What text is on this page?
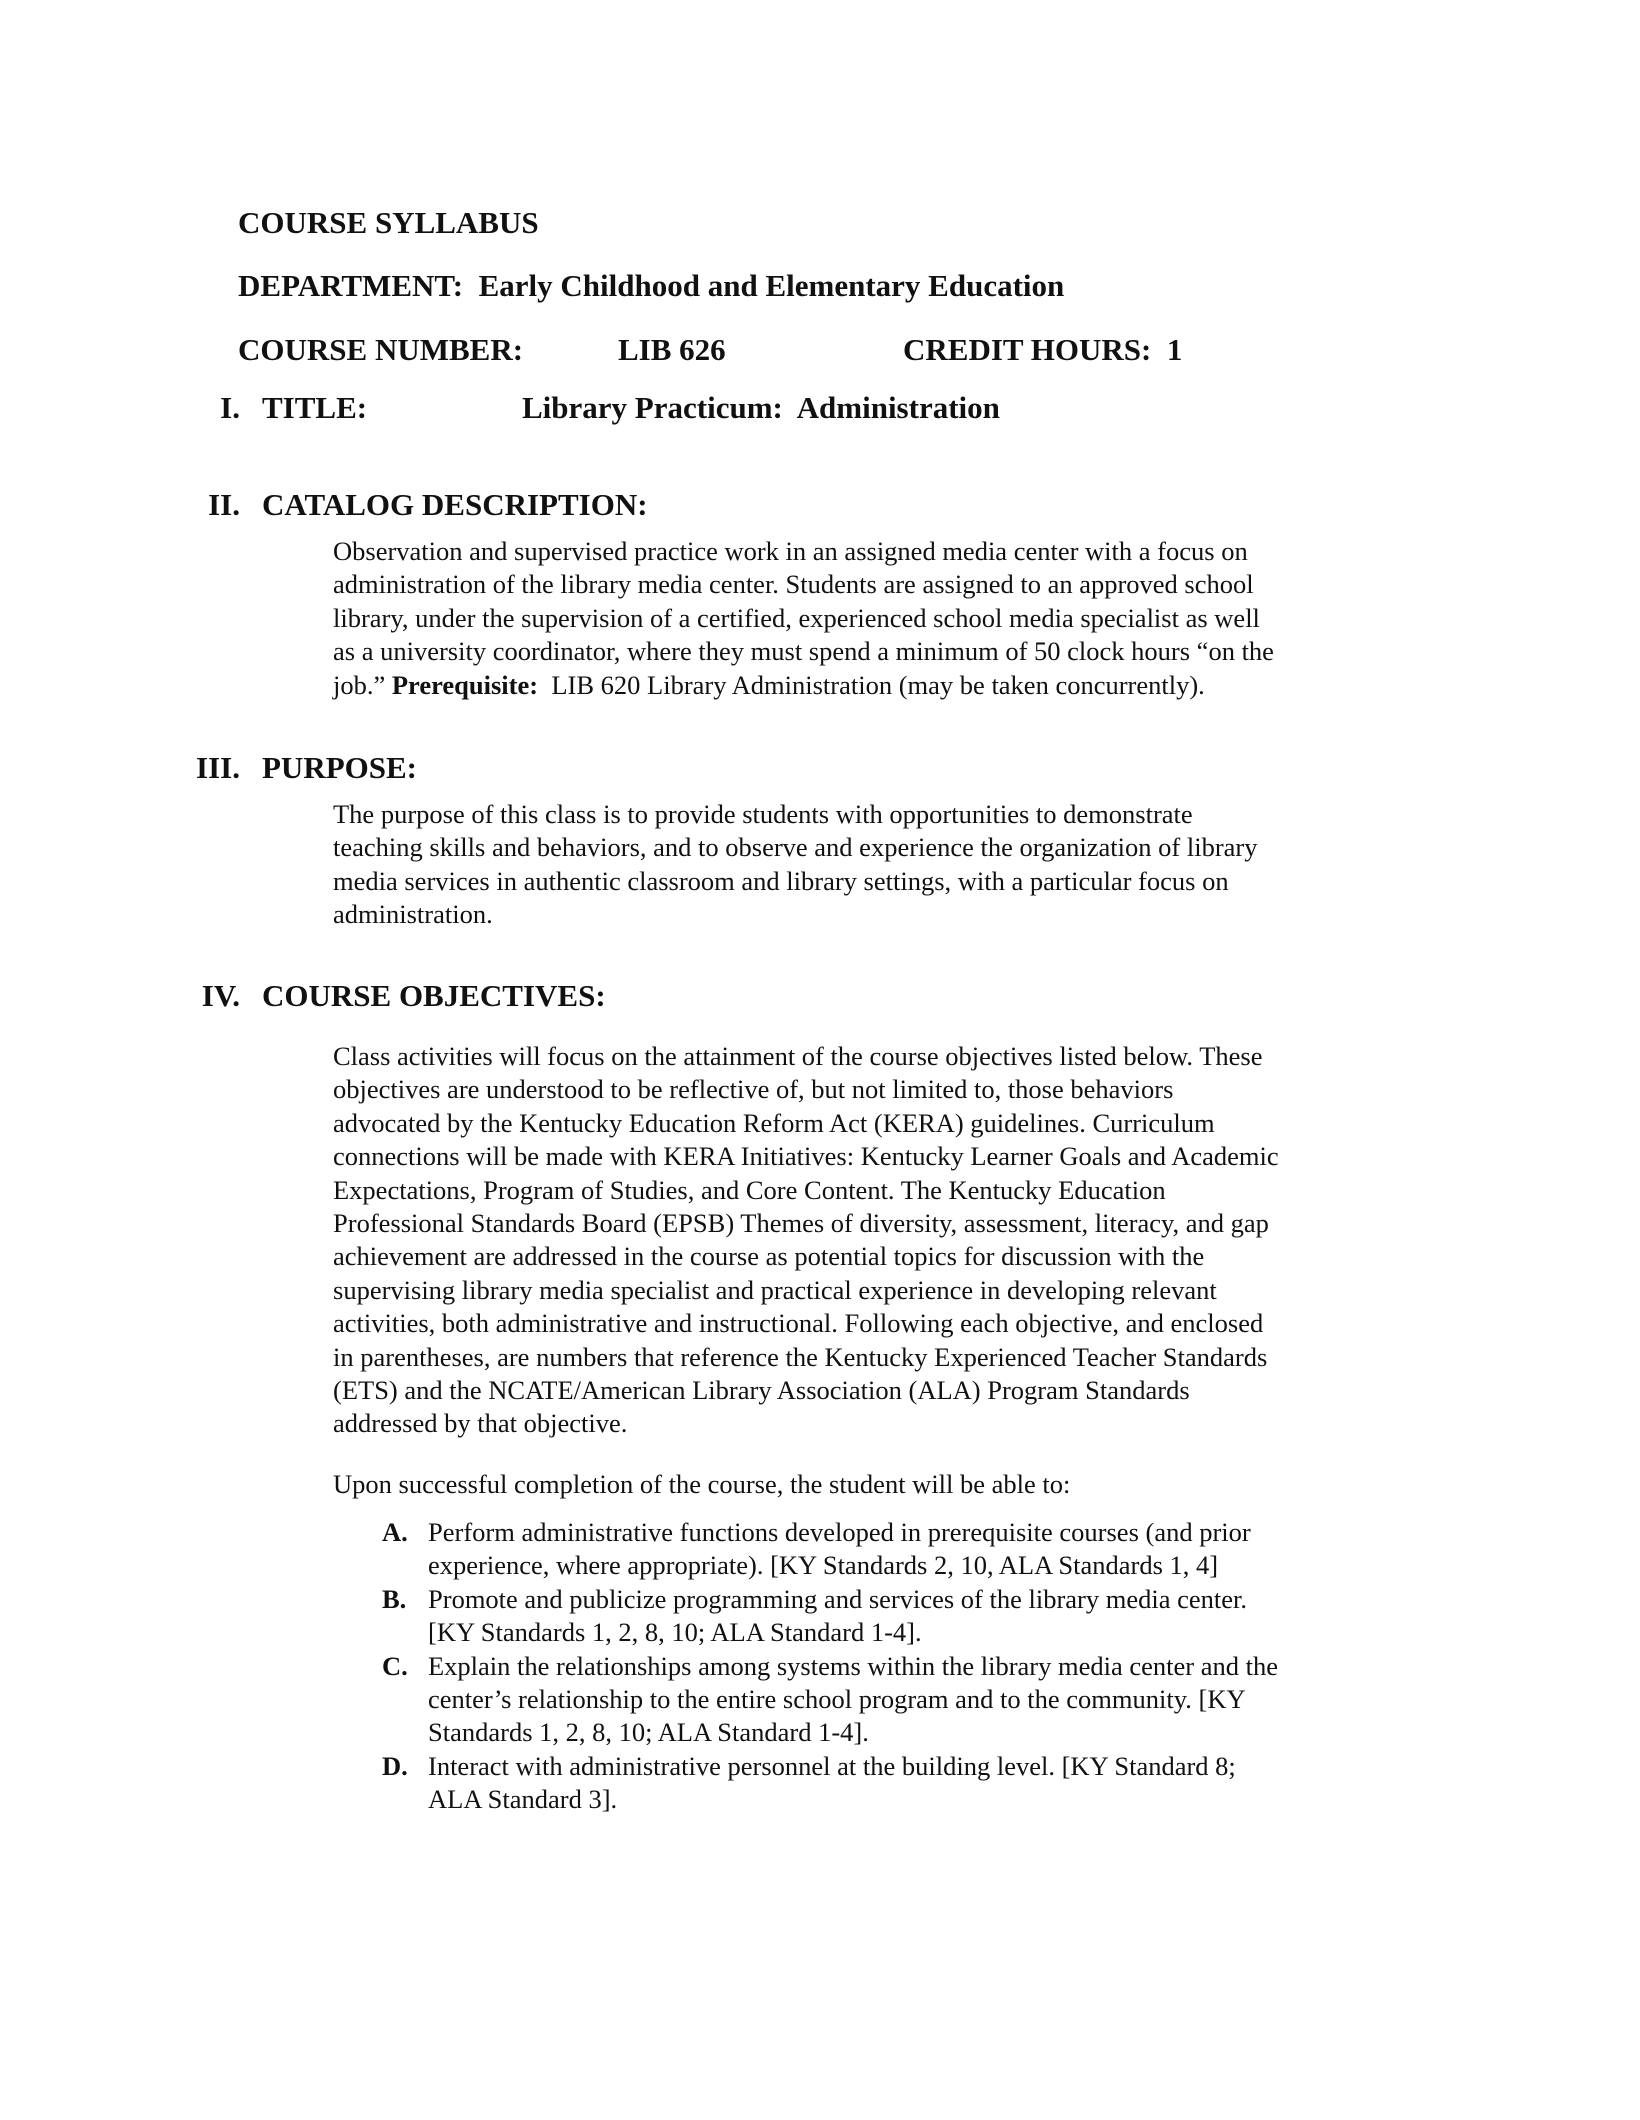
COURSE SYLLABUS
DEPARTMENT: Early Childhood and Elementary Education
COURSE NUMBER:	LIB 626	CREDIT HOURS: 1
I. TITLE:	Library Practicum: Administration
II. CATALOG DESCRIPTION:

Observation and supervised practice work in an assigned media center with a focus on

administration of the library media center. Students are assigned to an approved school

library, under the supervision of a certified, experienced school media specialist as well

as a university coordinator, where they must spend a minimum of 50 clock hours “on the

job.” Prerequisite: LIB 620 Library Administration (may be taken concurrently).

III. PURPOSE:

The purpose of this class is to provide students with opportunities to demonstrate

teaching skills and behaviors, and to observe and experience the organization of library

media services in authentic classroom and library settings, with a particular focus on

administration.

IV. COURSE OBJECTIVES:

Class activities will focus on the attainment of the course objectives listed below. These

objectives are understood to be reflective of, but not limited to, those behaviors

advocated by the Kentucky Education Reform Act (KERA) guidelines. Curriculum

connections will be made with KERA Initiatives: Kentucky Learner Goals and Academic

Expectations, Program of Studies, and Core Content. The Kentucky Education

Professional Standards Board (EPSB) Themes of diversity, assessment, literacy, and gap

achievement are addressed in the course as potential topics for discussion with the

supervising library media specialist and practical experience in developing relevant

activities, both administrative and instructional. Following each objective, and enclosed

in parentheses, are numbers that reference the Kentucky Experienced Teacher Standards

(ETS) and the NCATE/American Library Association (ALA) Program Standards

addressed by that objective.

Upon successful completion of the course, the student will be able to:
A. Perform administrative functions developed in prerequisite courses (and prior
experience, where appropriate). [KY Standards 2, 10, ALA Standards 1, 4]
B. Promote and publicize programming and services of the library media center.
[KY Standards 1, 2, 8, 10; ALA Standard 1-4].
C. Explain the relationships among systems within the library media center and the
center’s relationship to the entire school program and to the community. [KY
Standards 1, 2, 8, 10; ALA Standard 1-4].
D. Interact with administrative personnel at the building level. [KY Standard 8;
ALA Standard 3].
